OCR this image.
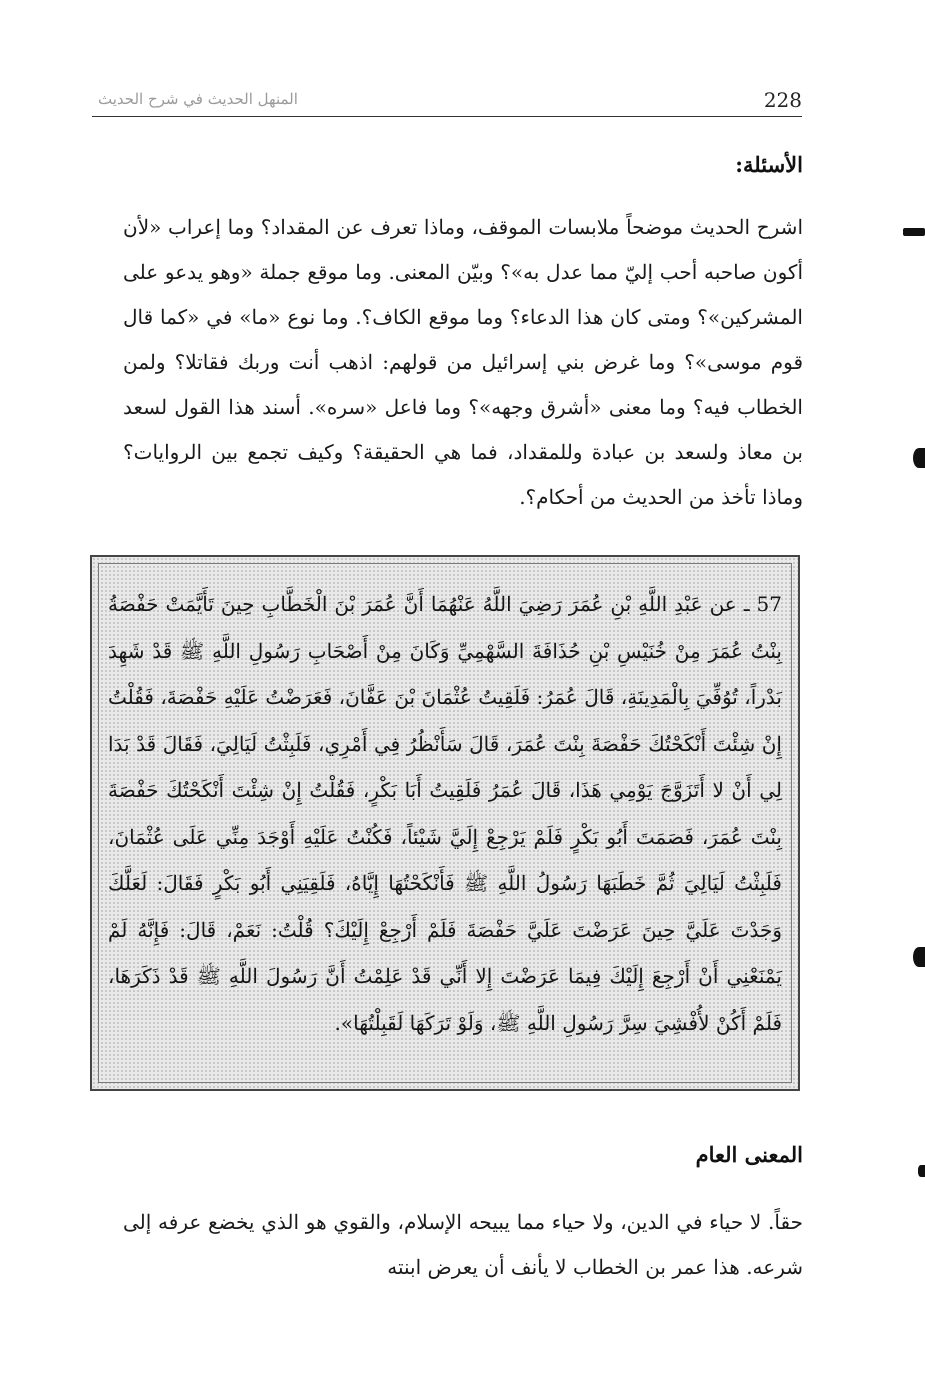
228
المنهل الحديث في شرح الحديث
الأسئلة:
اشرح الحديث موضحاً ملابسات الموقف، وماذا تعرف عن المقداد؟ وما إعراب «لأن أكون صاحبه أحب إليّ مما عدل به»؟ وبيّن المعنى. وما موقع جملة «وهو يدعو على المشركين»؟ ومتى كان هذا الدعاء؟ وما موقع الكاف؟. وما نوع «ما» في «كما قال قوم موسى»؟ وما غرض بني إسرائيل من قولهم: اذهب أنت وربك فقاتلا؟ ولمن الخطاب فيه؟ وما معنى «أشرق وجهه»؟ وما فاعل «سره». أسند هذا القول لسعد بن معاذ ولسعد بن عبادة وللمقداد، فما هي الحقيقة؟ وكيف تجمع بين الروايات؟ وماذا تأخذ من الحديث من أحكام؟.
57 ـ عن عَبْدِ اللَّهِ بْنِ عُمَرَ رَضِيَ اللَّهُ عَنْهُمَا أَنَّ عُمَرَ بْنَ الْخَطَّابِ حِينَ تَأَيَّمَتْ حَفْصَةُ بِنْتُ عُمَرَ مِنْ خُنَيْسِ بْنِ حُذَافَةَ السَّهْمِيِّ وَكَانَ مِنْ أَصْحَابِ رَسُولِ اللَّهِ ﷺ قَدْ شَهِدَ بَدْراً، تُوُفِّيَ بِالْمَدِينَةِ، قَالَ عُمَرُ: فَلَقِيتُ عُثْمَانَ بْنَ عَفَّانَ، فَعَرَضْتُ عَلَيْهِ حَفْصَةَ، فَقُلْتُ إِنْ شِئْتَ أَنْكَحْتُكَ حَفْصَةَ بِنْتَ عُمَرَ، قَالَ سَأَنْظُرُ فِي أَمْرِي، فَلَبِثْتُ لَيَالِيَ، فَقَالَ قَدْ بَدَا لِي أَنْ لا أَتَزَوَّجَ يَوْمِي هَذَا، قَالَ عُمَرُ فَلَقِيتُ أَبَا بَكْرٍ، فَقُلْتُ إِنْ شِئْتَ أَنْكَحْتُكَ حَفْصَةَ بِنْتَ عُمَرَ، فَصَمَتَ أَبُو بَكْرٍ فَلَمْ يَرْجِعْ إِلَيَّ شَيْئاً، فَكُنْتُ عَلَيْهِ أَوْجَدَ مِنِّي عَلَى عُثْمَانَ، فَلَبِثْتُ لَيَالِيَ ثُمَّ خَطَبَهَا رَسُولُ اللَّهِ ﷺ فَأَنْكَحْتُهَا إِيَّاهُ، فَلَقِيَنِي أَبُو بَكْرٍ فَقَالَ: لَعَلَّكَ وَجَدْتَ عَلَيَّ حِينَ عَرَضْتَ عَلَيَّ حَفْصَةَ فَلَمْ أَرْجِعْ إِلَيْكَ؟ قُلْتُ: نَعَمْ، قَالَ: فَإِنَّهُ لَمْ يَمْنَعْنِي أَنْ أَرْجِعَ إِلَيْكَ فِيمَا عَرَضْتَ إِلا أَنِّي قَدْ عَلِمْتُ أَنَّ رَسُولَ اللَّهِ ﷺ قَدْ ذَكَرَهَا، فَلَمْ أَكُنْ لأُفْشِيَ سِرَّ رَسُولِ اللَّهِ ﷺ، وَلَوْ تَرَكَهَا لَقَبِلْتُهَا».
المعنى العام
حقاً. لا حياء في الدين، ولا حياء مما يبيحه الإسلام، والقوي هو الذي يخضع عرفه إلى شرعه. هذا عمر بن الخطاب لا يأنف أن يعرض ابنته
